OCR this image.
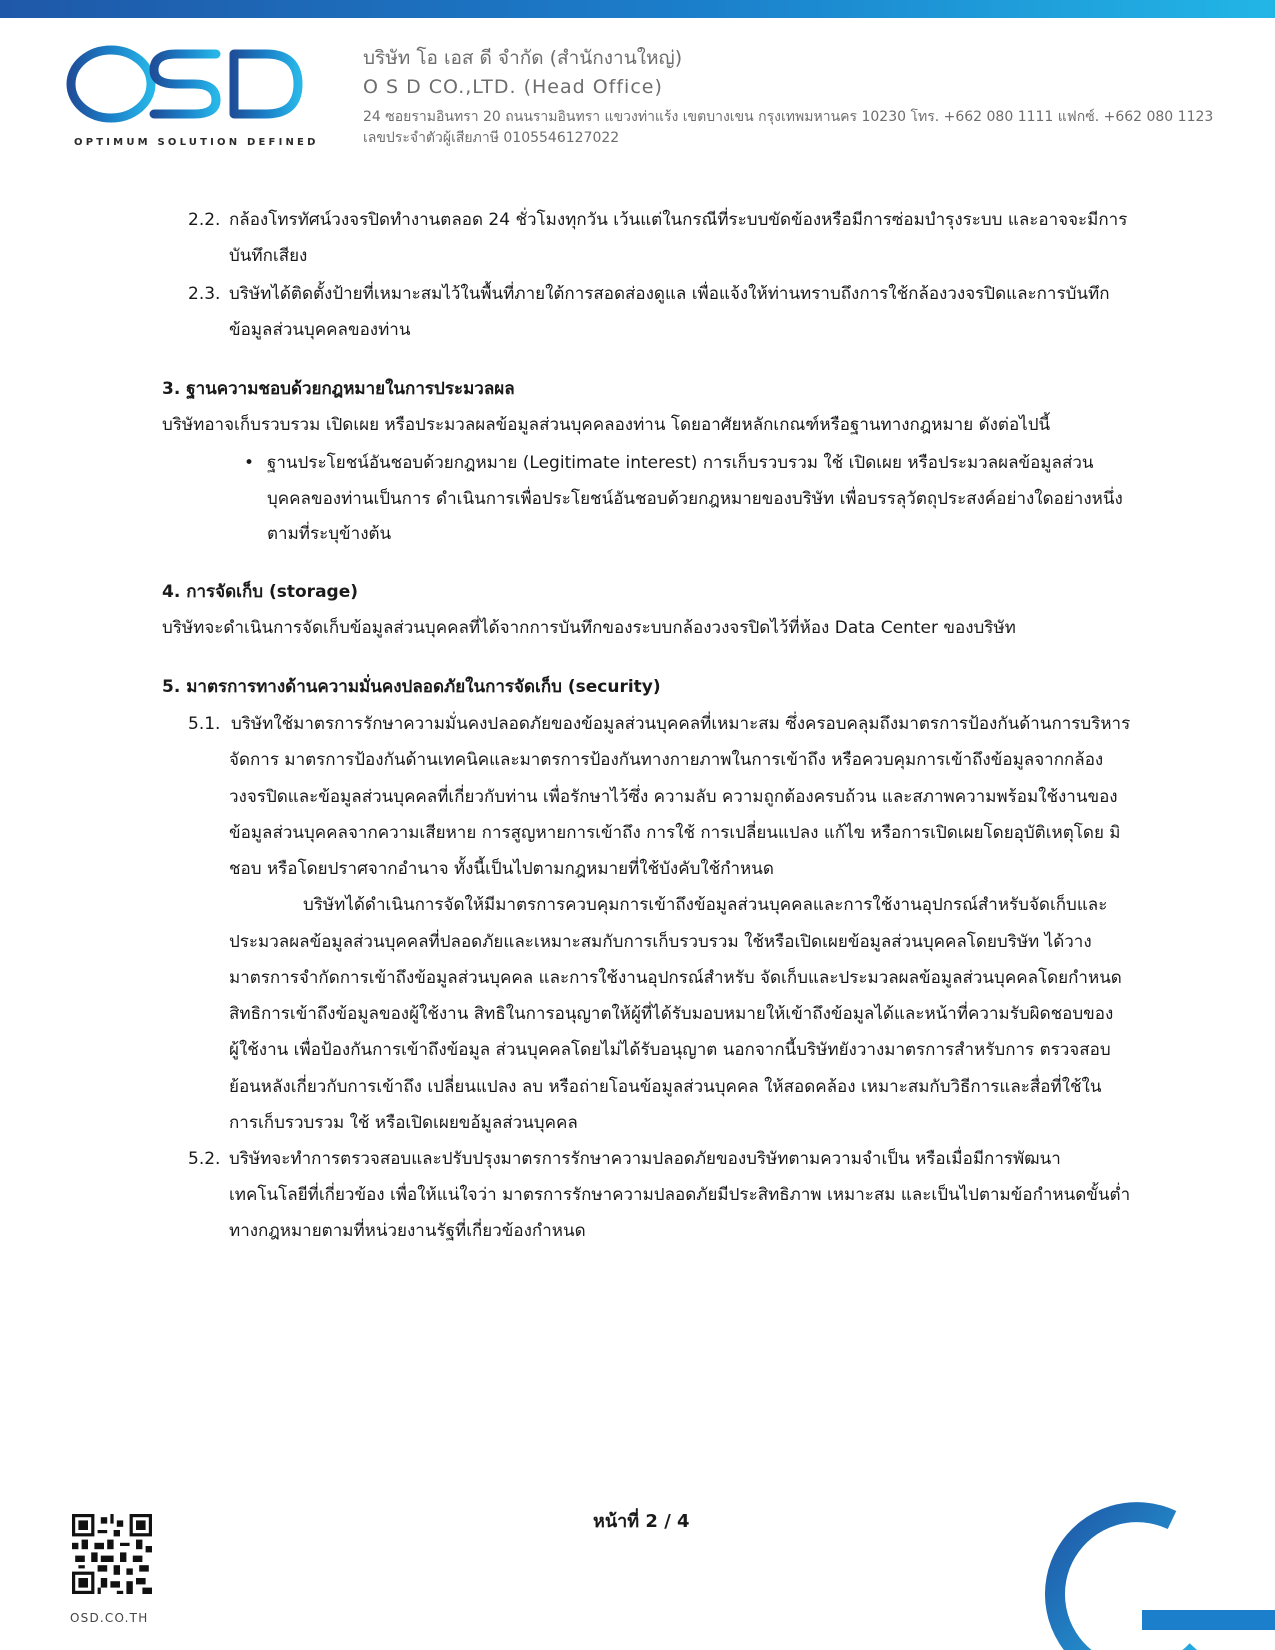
OPTIMUM SOLUTION DEFINED
บริษัท โอ เอส ดี จำกัด (สำนักงานใหญ่)
O S D CO.,LTD. (Head Office)
24 ซอยรามอินทรา 20 ถนนรามอินทรา แขวงท่าแร้ง เขตบางเขน กรุงเทพมหานคร 10230 โทร. +662 080 1111 แฟกซ์. +662 080 1123
เลขประจำตัวผู้เสียภาษี 0105546127022
2.2. กล้องโทรทัศน์วงจรปิดทำงานตลอด 24 ชั่วโมงทุกวัน เว้นแต่ในกรณีที่ระบบขัดข้องหรือมีการซ่อมบำรุงระบบ และอาจจะมีการ
บันทึกเสียง
2.3. บริษัทได้ติดตั้งป้ายที่เหมาะสมไว้ในพื้นที่ภายใต้การสอดส่องดูแล เพื่อแจ้งให้ท่านทราบถึงการใช้กล้องวงจรปิดและการบันทึก
ข้อมูลส่วนบุคคลของท่าน
3. ฐานความชอบด้วยกฎหมายในการประมวลผล
บริษัทอาจเก็บรวบรวม เปิดเผย หรือประมวลผลข้อมูลส่วนบุคคลองท่าน โดยอาศัยหลักเกณฑ์หรือฐานทางกฎหมาย ดังต่อไปนี้
• ฐานประโยชน์อันชอบด้วยกฎหมาย (Legitimate interest) การเก็บรวบรวม ใช้ เปิดเผย หรือประมวลผลข้อมูลส่วน
บุคคลของท่านเป็นการ ดำเนินการเพื่อประโยชน์อันชอบด้วยกฎหมายของบริษัท เพื่อบรรลุวัตถุประสงค์อย่างใดอย่างหนึ่ง
ตามที่ระบุข้างต้น
4. การจัดเก็บ (storage)
บริษัทจะดำเนินการจัดเก็บข้อมูลส่วนบุคคลที่ได้จากการบันทึกของระบบกล้องวงจรปิดไว้ที่ห้อง Data Center ของบริษัท
5. มาตรการทางด้านความมั่นคงปลอดภัยในการจัดเก็บ (security)
5.1. บริษัทใช้มาตรการรักษาความมั่นคงปลอดภัยของข้อมูลส่วนบุคคลที่เหมาะสม ซึ่งครอบคลุมถึงมาตรการป้องกันด้านการบริหาร
จัดการ มาตรการป้องกันด้านเทคนิคและมาตรการป้องกันทางกายภาพในการเข้าถึง หรือควบคุมการเข้าถึงข้อมูลจากกล้อง
วงจรปิดและข้อมูลส่วนบุคคลที่เกี่ยวกับท่าน เพื่อรักษาไว้ซึ่ง ความลับ ความถูกต้องครบถ้วน และสภาพความพร้อมใช้งานของ
ข้อมูลส่วนบุคคลจากความเสียหาย การสูญหายการเข้าถึง การใช้ การเปลี่ยนแปลง แก้ไข หรือการเปิดเผยโดยอุบัติเหตุโดย มิ
ชอบ หรือโดยปราศจากอำนาจ ทั้งนี้เป็นไปตามกฎหมายที่ใช้บังคับใช้กำหนด
บริษัทได้ดำเนินการจัดให้มีมาตรการควบคุมการเข้าถึงข้อมูลส่วนบุคคลและการใช้งานอุปกรณ์สำหรับจัดเก็บและ
ประมวลผลข้อมูลส่วนบุคคลที่ปลอดภัยและเหมาะสมกับการเก็บรวบรวม ใช้หรือเปิดเผยข้อมูลส่วนบุคคลโดยบริษัท ได้วาง
มาตรการจำกัดการเข้าถึงข้อมูลส่วนบุคคล และการใช้งานอุปกรณ์สำหรับ จัดเก็บและประมวลผลข้อมูลส่วนบุคคลโดยกำหนด
สิทธิการเข้าถึงข้อมูลของผู้ใช้งาน สิทธิในการอนุญาตให้ผู้ที่ได้รับมอบหมายให้เข้าถึงข้อมูลได้และหน้าที่ความรับผิดชอบของ
ผู้ใช้งาน เพื่อป้องกันการเข้าถึงข้อมูล ส่วนบุคคลโดยไม่ได้รับอนุญาต นอกจากนี้บริษัทยังวางมาตรการสำหรับการ ตรวจสอบ
ย้อนหลังเกี่ยวกับการเข้าถึง เปลี่ยนแปลง ลบ หรือถ่ายโอนข้อมูลส่วนบุคคล ให้สอดคล้อง เหมาะสมกับวิธีการและสื่อที่ใช้ใน
การเก็บรวบรวม ใช้ หรือเปิดเผยขอ้มูลส่วนบุคคล
5.2. บริษัทจะทำการตรวจสอบและปรับปรุงมาตรการรักษาความปลอดภัยของบริษัทตามความจำเป็น หรือเมื่อมีการพัฒนา
เทคโนโลยีที่เกี่ยวข้อง เพื่อให้แน่ใจว่า มาตรการรักษาความปลอดภัยมีประสิทธิภาพ เหมาะสม และเป็นไปตามข้อกำหนดขั้นต่ำ
ทางกฎหมายตามที่หน่วยงานรัฐที่เกี่ยวข้องกำหนด
OSD.CO.TH
หน้าที่ 2 / 4
